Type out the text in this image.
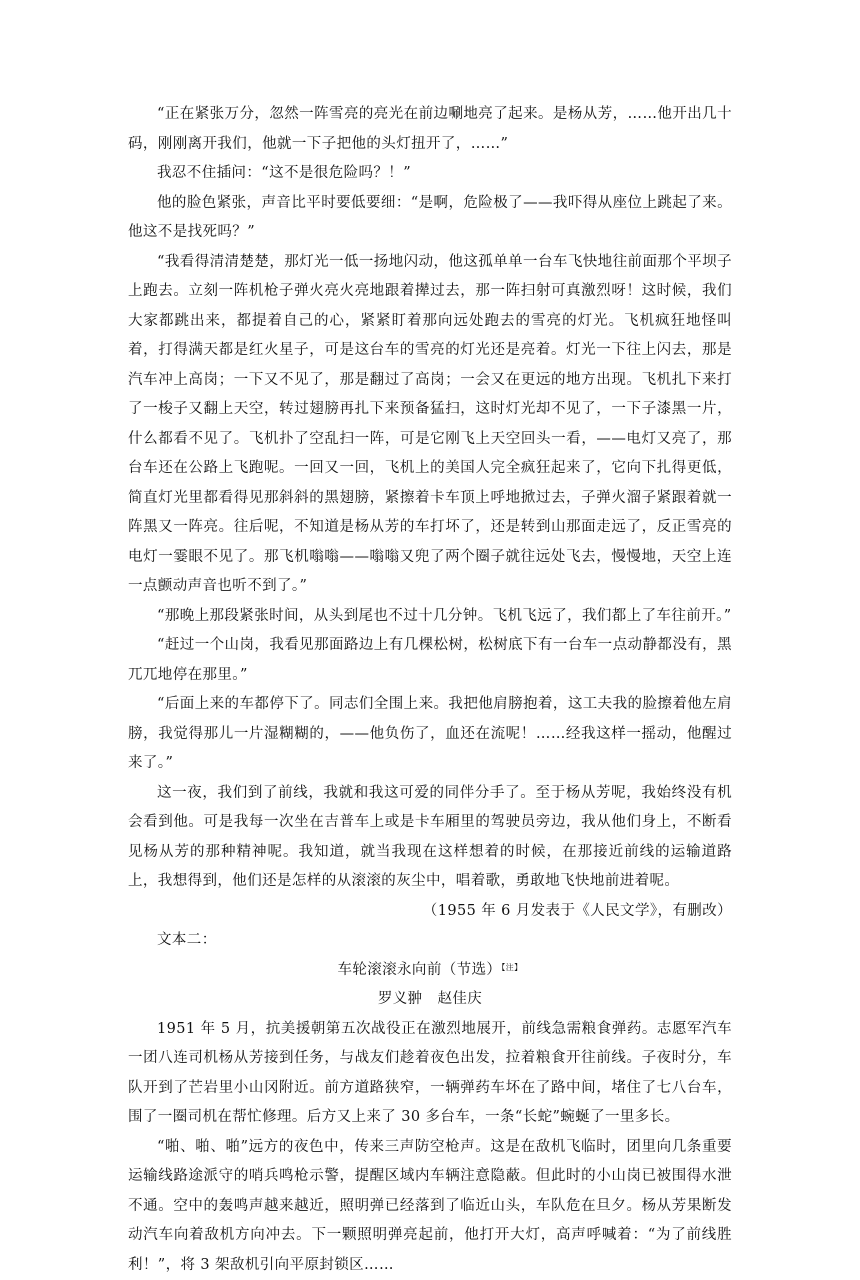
“正在紧张万分，忽然一阵雪亮的亮光在前边唰地亮了起来。是杨从芳，……他开出几十码，刚刚离开我们，他就一下子把他的头灯扭开了，……”

我忍不住插问：“这不是很危险吗？！”

他的脸色紧张，声音比平时要低要细：“是啊，危险极了——我吓得从座位上跳起了来。他这不是找死吗？”

“我看得清清楚楚，那灯光一低一扬地闪动，他这孤单单一台车飞快地往前面那个平坝子上跑去。立刻一阵机枪子弹火亮火亮地跟着撵过去，那一阵扫射可真激烈呀！这时候，我们大家都跳出来，都提着自己的心，紧紧盯着那向远处跑去的雪亮的灯光。飞机疯狂地怪叫着，打得满天都是红火星子，可是这台车的雪亮的灯光还是亮着。灯光一下往上闪去，那是汽车冲上高岗；一下又不见了，那是翻过了高岗；一会又在更远的地方出现。飞机扎下来打了一梭子又翻上天空，转过翅膀再扎下来预备猛扫，这时灯光却不见了，一下子漆黑一片，什么都看不见了。飞机扑了空乱扫一阵，可是它刚飞上天空回头一看，——电灯又亮了，那台车还在公路上飞跑呢。一回又一回，飞机上的美国人完全疯狂起来了，它向下扎得更低，简直灯光里都看得见那斜斜的黑翅膀，紧擦着卡车顶上呼地掀过去，子弹火溜子紧跟着就一阵黑又一阵亮。往后呢，不知道是杨从芳的车打坏了，还是转到山那面走远了，反正雪亮的电灯一霎眼不见了。那飞机嗡嗡——嗡嗡又兜了两个圈子就往远处飞去，慢慢地，天空上连一点颤动声音也听不到了。”

“那晚上那段紧张时间，从头到尾也不过十几分钟。飞机飞远了，我们都上了车往前开。”

“赶过一个山岗，我看见那面路边上有几棵松树，松树底下有一台车一点动静都没有，黑兀兀地停在那里。”

“后面上来的车都停下了。同志们全围上来。我把他肩膀抱着，这工夫我的脸擦着他左肩膀，我觉得那儿一片湿糊糊的，——他负伤了，血还在流呢！……经我这样一摇动，他醒过来了。”

这一夜，我们到了前线，我就和我这可爱的同伴分手了。至于杨从芳呢，我始终没有机会看到他。可是我每一次坐在吉普车上或是卡车厢里的驾驶员旁边，我从他们身上，不断看见杨从芳的那种精神呢。我知道，就当我现在这样想着的时候，在那接近前线的运输道路上，我想得到，他们还是怎样的从滚滚的灰尘中，唱着歌，勇敢地飞快地前进着呢。

（1955 年 6 月发表于《人民文学》，有删改）

文本二：

车轮滚滚永向前（节选）$^{【注】}$

罗义翀　赵佳庆

1951 年 5 月，抗美援朝第五次战役正在激烈地展开，前线急需粮食弹药。志愿军汽车一团八连司机杨从芳接到任务，与战友们趁着夜色出发，拉着粮食开往前线。子夜时分，车队开到了芒岩里小山冈附近。前方道路狭窄，一辆弹药车坏在了路中间，堵住了七八台车，围了一圈司机在帮忙修理。后方又上来了 30 多台车，一条“长蛇”蜿蜒了一里多长。

“啪、啪、啪”远方的夜色中，传来三声防空枪声。这是在敌机飞临时，团里向几条重要运输线路途派守的哨兵鸣枪示警，提醒区域内车辆注意隐蔽。但此时的小山岗已被围得水泄不通。空中的轰鸣声越来越近，照明弹已经落到了临近山头，车队危在旦夕。杨从芳果断发动汽车向着敌机方向冲去。下一颗照明弹亮起前，他打开大灯，高声呼喊着：“为了前线胜利！”，将 3 架敌机引向平原封锁区……
